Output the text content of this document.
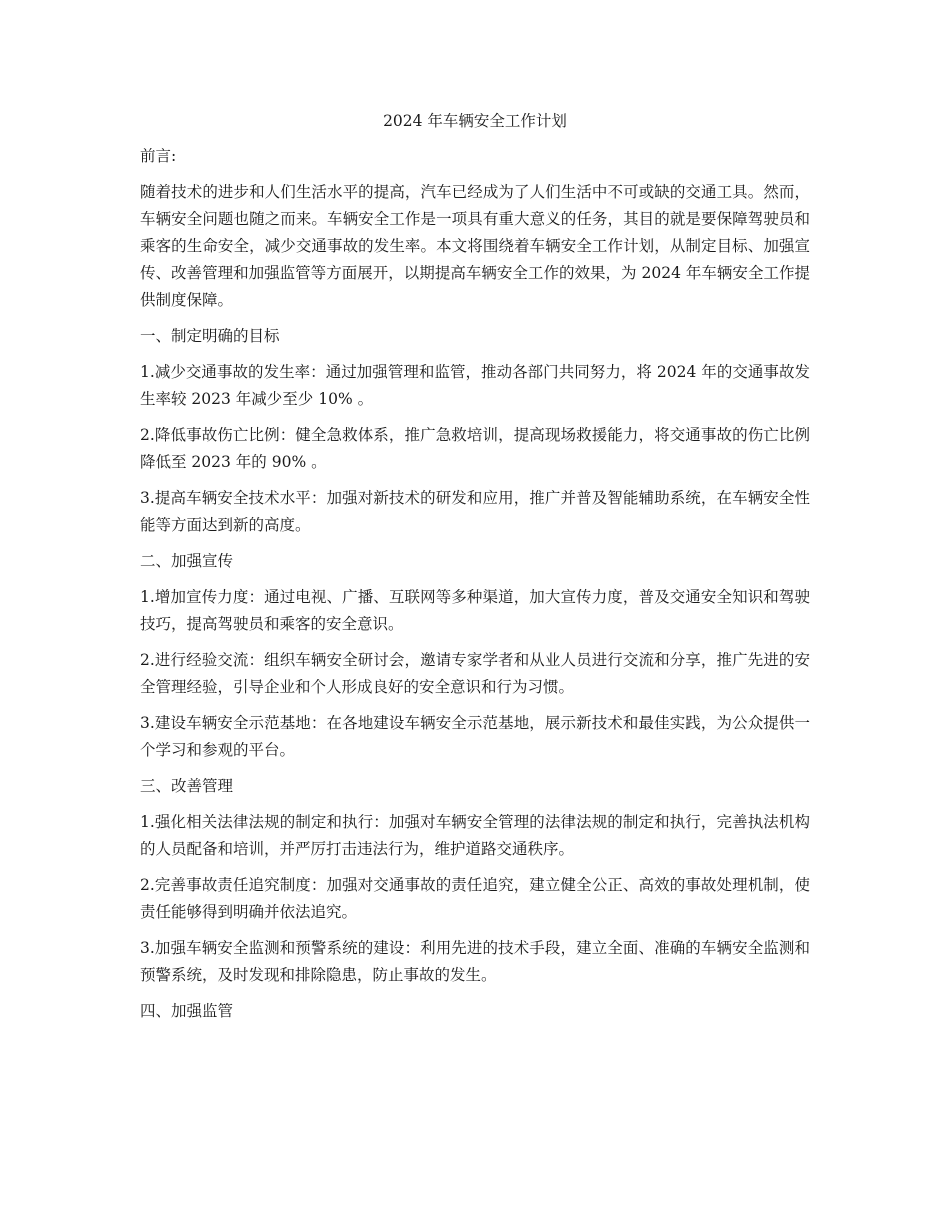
2024 年车辆安全工作计划
前言:
随着技术的进步和人们生活水平的提高，汽车已经成为了人们生活中不可或缺的交通工具。然而，车辆安全问题也随之而来。车辆安全工作是一项具有重大意义的任务，其目的就是要保障驾驶员和乘客的生命安全，减少交通事故的发生率。本文将围绕着车辆安全工作计划，从制定目标、加强宣传、改善管理和加强监管等方面展开，以期提高车辆安全工作的效果，为 2024 年车辆安全工作提供制度保障。
一、制定明确的目标
1.减少交通事故的发生率：通过加强管理和监管，推动各部门共同努力，将 2024 年的交通事故发生率较 2023 年减少至少 10% 。
2.降低事故伤亡比例：健全急救体系，推广急救培训，提高现场救援能力，将交通事故的伤亡比例降低至 2023 年的 90% 。
3.提高车辆安全技术水平：加强对新技术的研发和应用，推广并普及智能辅助系统，在车辆安全性能等方面达到新的高度。
二、加强宣传
1.增加宣传力度：通过电视、广播、互联网等多种渠道，加大宣传力度，普及交通安全知识和驾驶技巧，提高驾驶员和乘客的安全意识。
2.进行经验交流：组织车辆安全研讨会，邀请专家学者和从业人员进行交流和分享，推广先进的安全管理经验，引导企业和个人形成良好的安全意识和行为习惯。
3.建设车辆安全示范基地：在各地建设车辆安全示范基地，展示新技术和最佳实践，为公众提供一个学习和参观的平台。
三、改善管理
1.强化相关法律法规的制定和执行：加强对车辆安全管理的法律法规的制定和执行，完善执法机构的人员配备和培训，并严厉打击违法行为，维护道路交通秩序。
2.完善事故责任追究制度：加强对交通事故的责任追究，建立健全公正、高效的事故处理机制，使责任能够得到明确并依法追究。
3.加强车辆安全监测和预警系统的建设：利用先进的技术手段，建立全面、准确的车辆安全监测和预警系统，及时发现和排除隐患，防止事故的发生。
四、加强监管
